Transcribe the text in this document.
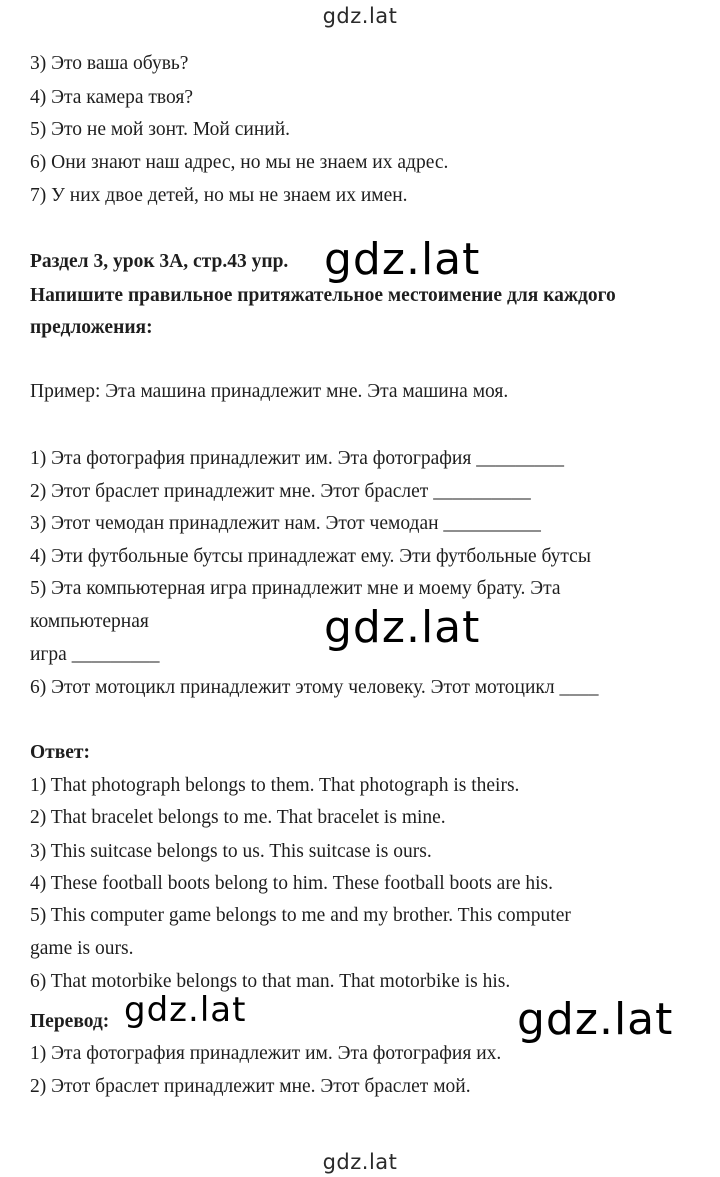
gdz.lat
3) Это ваша обувь?
4) Эта камера твоя?
5) Это не мой зонт. Мой синий.
6) Они знают наш адрес, но мы не знаем их адрес.
7) У них двое детей, но мы не знаем их имен.
Раздел 3, урок 3А, стр.43 упр.
Напишите правильное притяжательное местоимение для каждого
предложения:
Пример: Эта машина принадлежит мне. Эта машина моя.
1) Эта фотография принадлежит им. Эта фотография _________
2) Этот браслет принадлежит мне. Этот браслет __________
3) Этот чемодан принадлежит нам. Этот чемодан __________
4) Эти футбольные бутсы принадлежат ему. Эти футбольные бутсы
5) Эта компьютерная игра принадлежит мне и моему брату. Эта
компьютерная
игра _________
6) Этот мотоцикл принадлежит этому человеку. Этот мотоцикл ____
Ответ:
1) That photograph belongs to them. That photograph is theirs.
2) That bracelet belongs to me. That bracelet is mine.
3) This suitcase belongs to us. This suitcase is ours.
4) These football boots belong to him. These football boots are his.
5) This computer game belongs to me and my brother. This computer
game is ours.
6) That motorbike belongs to that man. That motorbike is his.
Перевод:
1) Эта фотография принадлежит им. Эта фотография их.
2) Этот браслет принадлежит мне. Этот браслет мой.
gdz.lat
gdz.lat
gdz.lat
gdz.lat
gdz.lat
